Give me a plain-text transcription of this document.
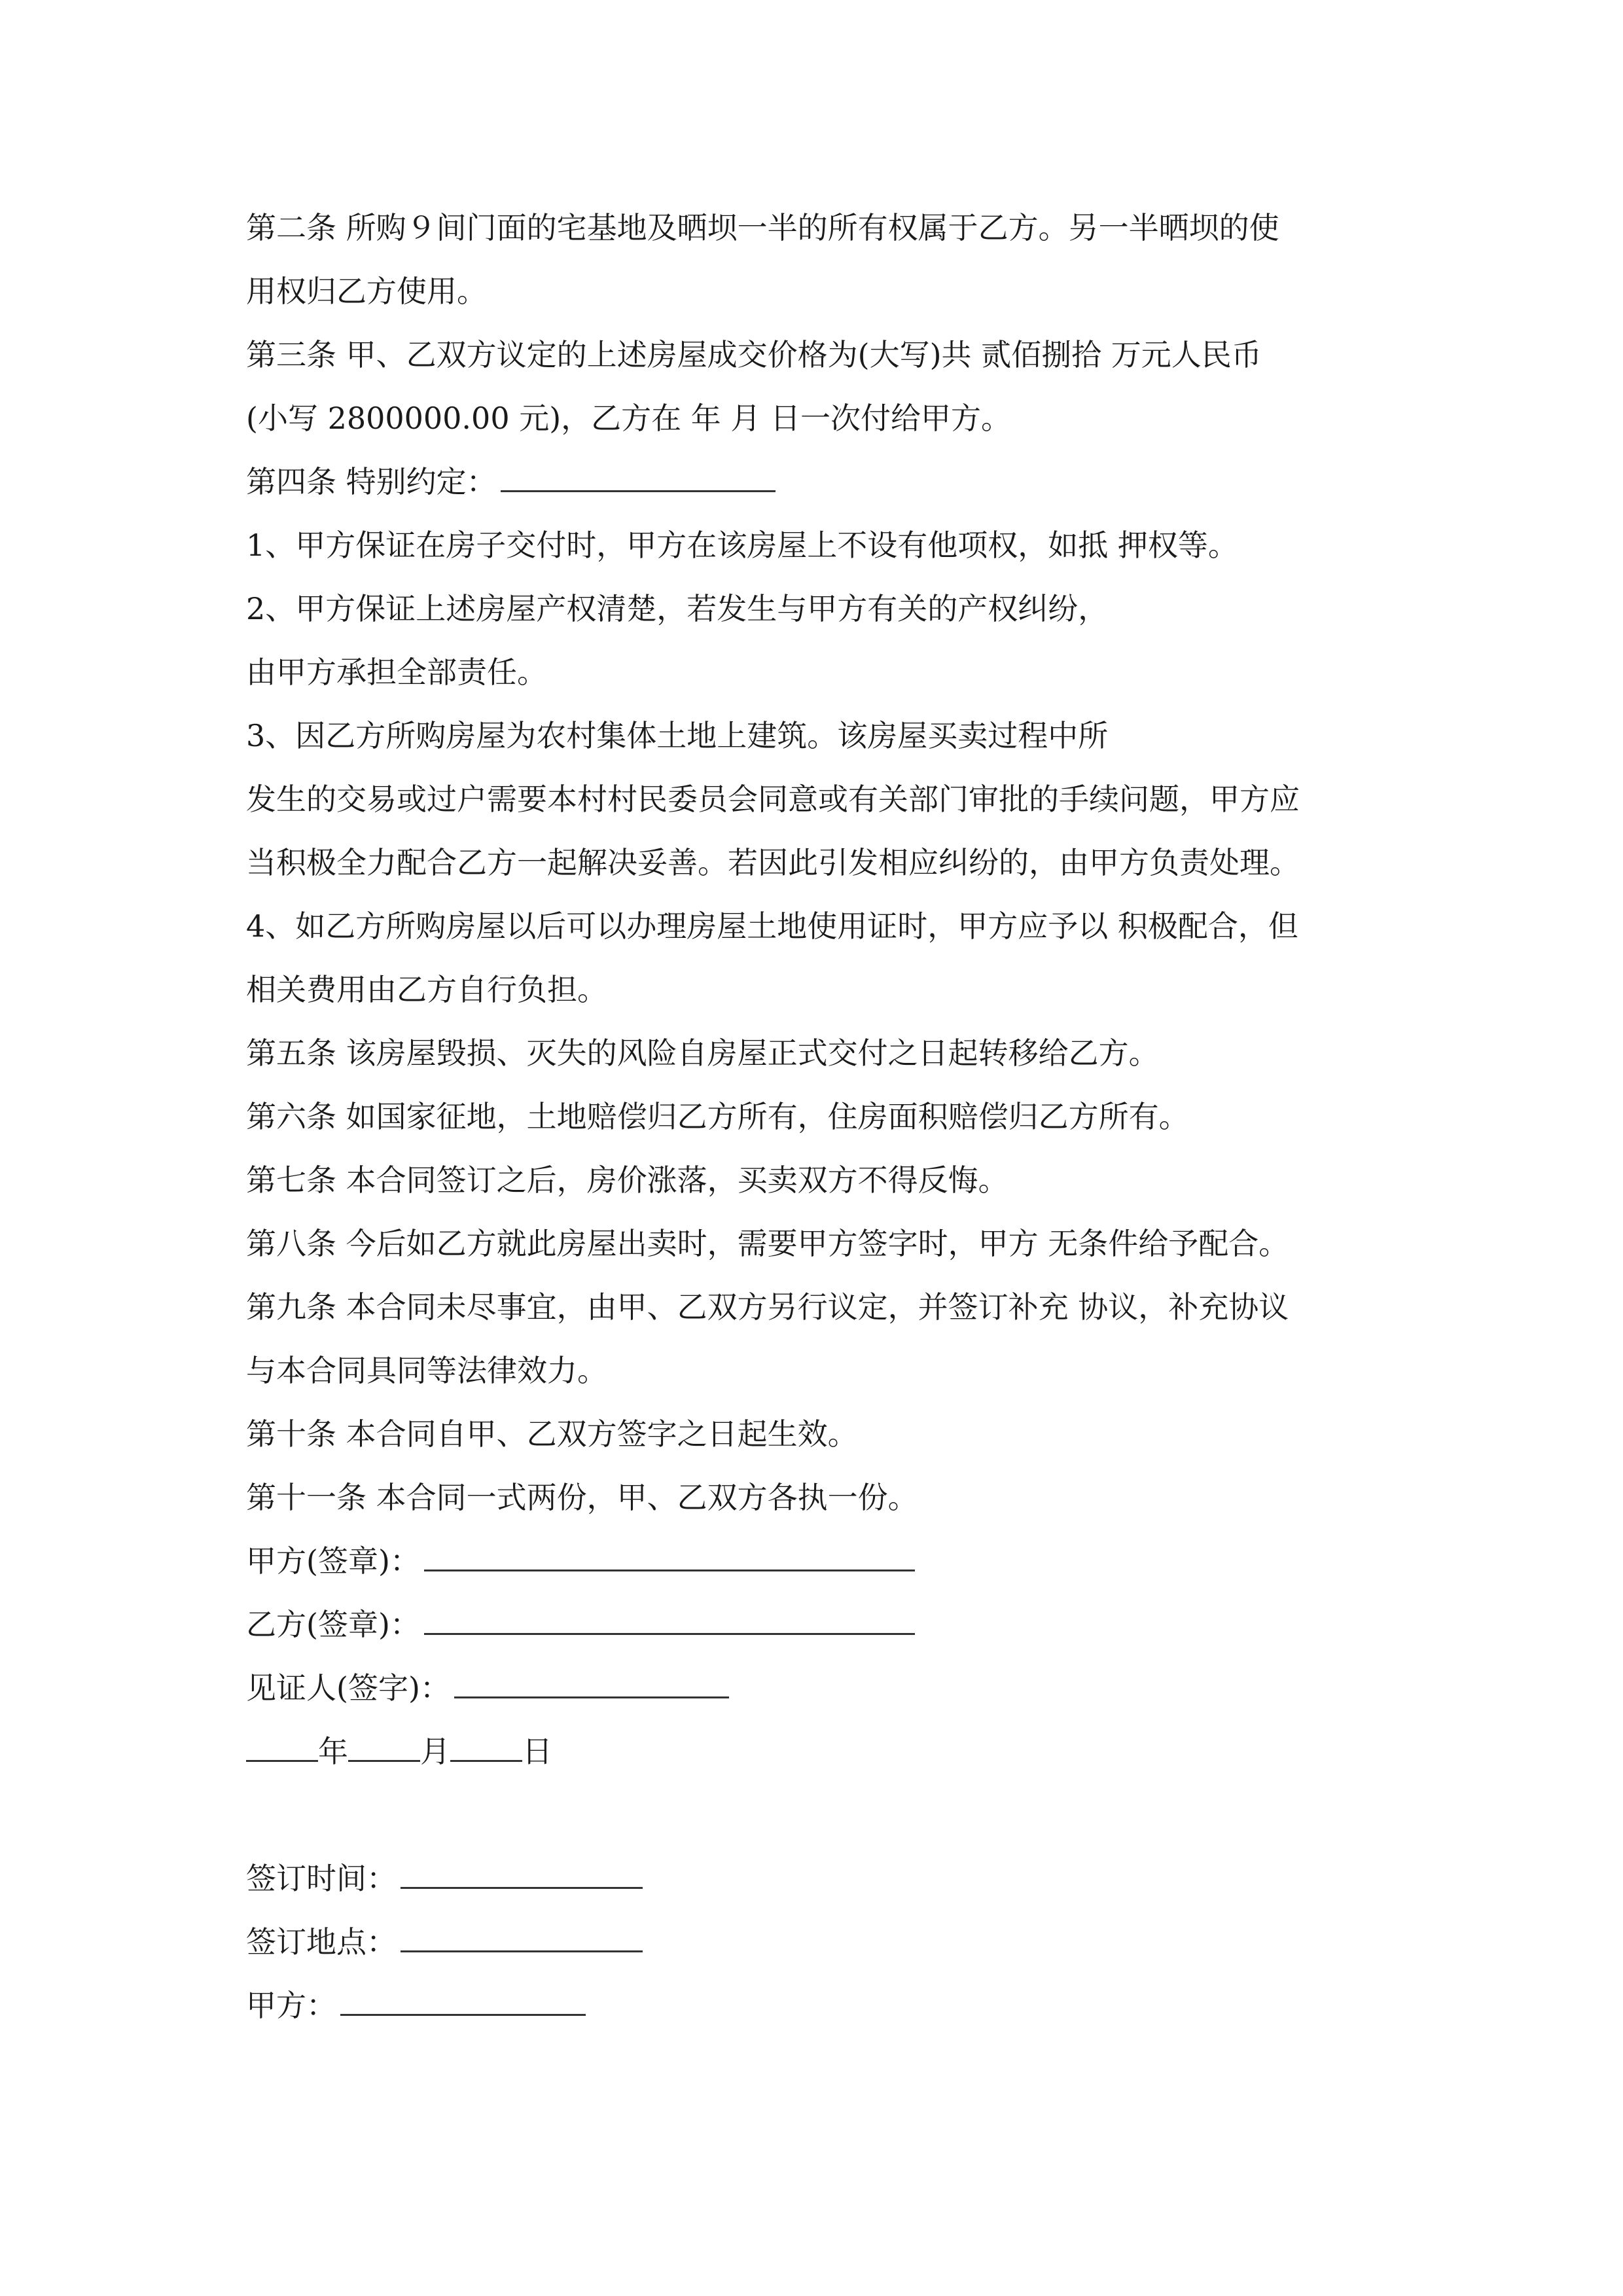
第二条 所购９间门面的宅基地及晒坝一半的所有权属于乙方。另一半晒坝的使
用权归乙方使用。
第三条 甲、乙双方议定的上述房屋成交价格为(大写)共 贰佰捌拾 万元人民币
(小写 2800000.00 元)，乙方在 年 月 日一次付给甲方。
第四条 特别约定：
1、甲方保证在房子交付时，甲方在该房屋上不设有他项权，如抵 押权等。
2、甲方保证上述房屋产权清楚，若发生与甲方有关的产权纠纷，
由甲方承担全部责任。
3、因乙方所购房屋为农村集体土地上建筑。该房屋买卖过程中所
发生的交易或过户需要本村村民委员会同意或有关部门审批的手续问题，甲方应
当积极全力配合乙方一起解决妥善。若因此引发相应纠纷的，由甲方负责处理。
4、如乙方所购房屋以后可以办理房屋土地使用证时，甲方应予以 积极配合，但
相关费用由乙方自行负担。
第五条 该房屋毁损、灭失的风险自房屋正式交付之日起转移给乙方。
第六条 如国家征地，土地赔偿归乙方所有，住房面积赔偿归乙方所有。
第七条 本合同签订之后，房价涨落，买卖双方不得反悔。
第八条 今后如乙方就此房屋出卖时，需要甲方签字时，甲方 无条件给予配合。
第九条 本合同未尽事宜，由甲、乙双方另行议定，并签订补充 协议，补充协议
与本合同具同等法律效力。
第十条 本合同自甲、乙双方签字之日起生效。
第十一条 本合同一式两份，甲、乙双方各执一份。
甲方(签章)：
乙方(签章)：
见证人(签字)：
年 月 日
签订时间：
签订地点：
甲方：
